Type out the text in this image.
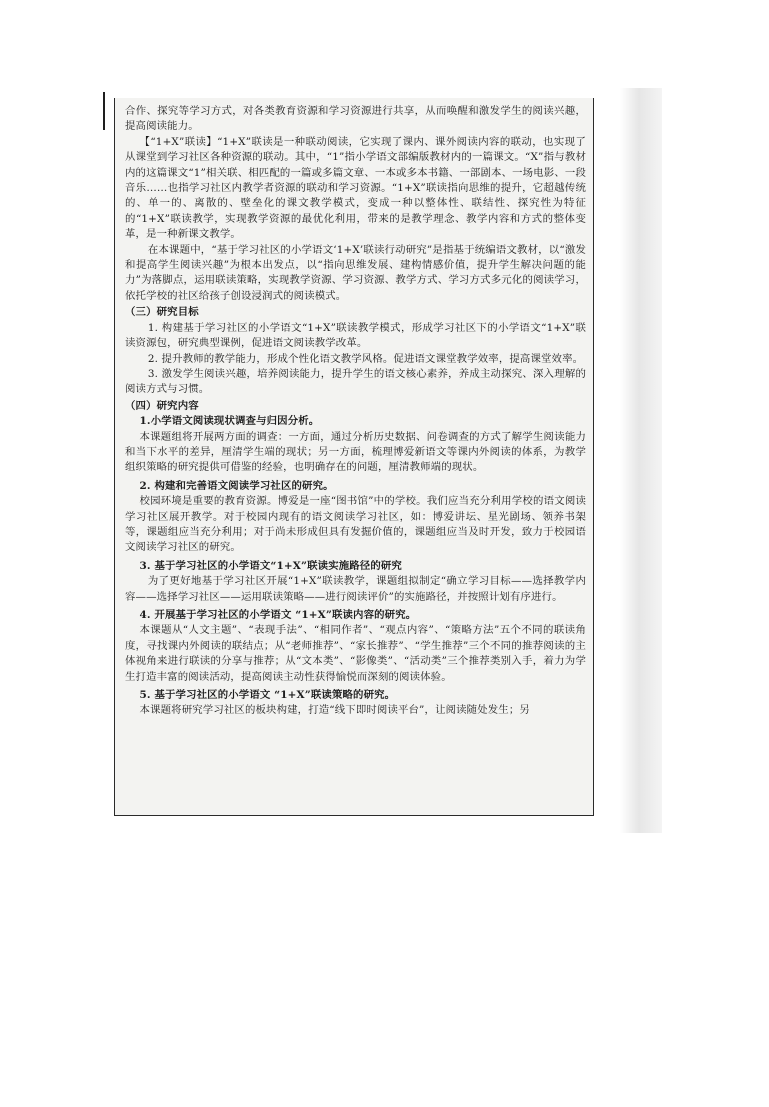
合作、探究等学习方式，对各类教育资源和学习资源进行共享，从而唤醒和激发学生的阅读兴趣，提高阅读能力。

【“1+X”联读】“1+X”联读是一种联动阅读，它实现了课内、课外阅读内容的联动，也实现了从课堂到学习社区各种资源的联动。其中，“1”指小学语文部编版教材内的一篇课文。“X”指与教材内的这篇课文“1”相关联、相匹配的一篇或多篇文章、一本或多本书籍、一部剧本、一场电影、一段音乐……也指学习社区内教学者资源的联动和学习资源。“1+X”联读指向思维的提升，它超越传统的、单一的、离散的、壁垒化的课文教学模式，变成一种以整体性、联结性、探究性为特征的“1+X”联读教学，实现教学资源的最优化利用，带来的是教学理念、教学内容和方式的整体变革，是一种新课文教学。

在本课题中，“基于学习社区的小学语文‘1+X’联读行动研究”是指基于统编语文教材，以“激发和提高学生阅读兴趣”为根本出发点，以“指向思维发展、建构情感价值，提升学生解决问题的能力”为落脚点，运用联读策略，实现教学资源、学习资源、教学方式、学习方式多元化的阅读学习，依托学校的社区给孩子创设浸润式的阅读模式。

（三）研究目标

1. 构建基于学习社区的小学语文“1+X”联读教学模式，形成学习社区下的小学语文“1+X”联读资源包，研究典型课例，促进语文阅读教学改革。

2. 提升教师的教学能力，形成个性化语文教学风格。促进语文课堂教学效率，提高课堂效率。

3. 激发学生阅读兴趣，培养阅读能力，提升学生的语文核心素养，养成主动探究、深入理解的阅读方式与习惯。

（四）研究内容

1.小学语文阅读现状调查与归因分析。

本课题组将开展两方面的调查：一方面，通过分析历史数据、问卷调查的方式了解学生阅读能力和当下水平的差异，厘清学生端的现状；另一方面，梳理博爱新语文等课内外阅读的体系，为教学组织策略的研究提供可借鉴的经验，也明确存在的问题，厘清教师端的现状。

2. 构建和完善语文阅读学习社区的研究。

校园环境是重要的教育资源。博爱是一座“图书馆”中的学校。我们应当充分利用学校的语文阅读学习社区展开教学。对于校园内现有的语文阅读学习社区，如：博爱讲坛、星光剧场、领养书架等，课题组应当充分利用；对于尚未形成但具有发掘价值的，课题组应当及时开发，致力于校园语文阅读学习社区的研究。

3. 基于学习社区的小学语文“1+X”联读实施路径的研究

为了更好地基于学习社区开展“1+X”联读教学，课题组拟制定“确立学习目标——选择教学内容——选择学习社区——运用联读策略——进行阅读评价”的实施路径，并按照计划有序进行。

4. 开展基于学习社区的小学语文 “1+X”联读内容的研究。

本课题从“人文主题”、“表现手法”、“相同作者”、“观点内容”、“策略方法”五个不同的联读角度，寻找课内外阅读的联结点；从“老师推荐”、“家长推荐”、“学生推荐”三个不同的推荐阅读的主体视角来进行联读的分享与推荐；从“文本类”、“影像类”、“活动类”三个推荐类别入手，着力为学生打造丰富的阅读活动，提高阅读主动性获得愉悦而深刻的阅读体验。

5. 基于学习社区的小学语文 “1+X”联读策略的研究。

本课题将研究学习社区的板块构建，打造“线下即时阅读平台”，让阅读随处发生；另
